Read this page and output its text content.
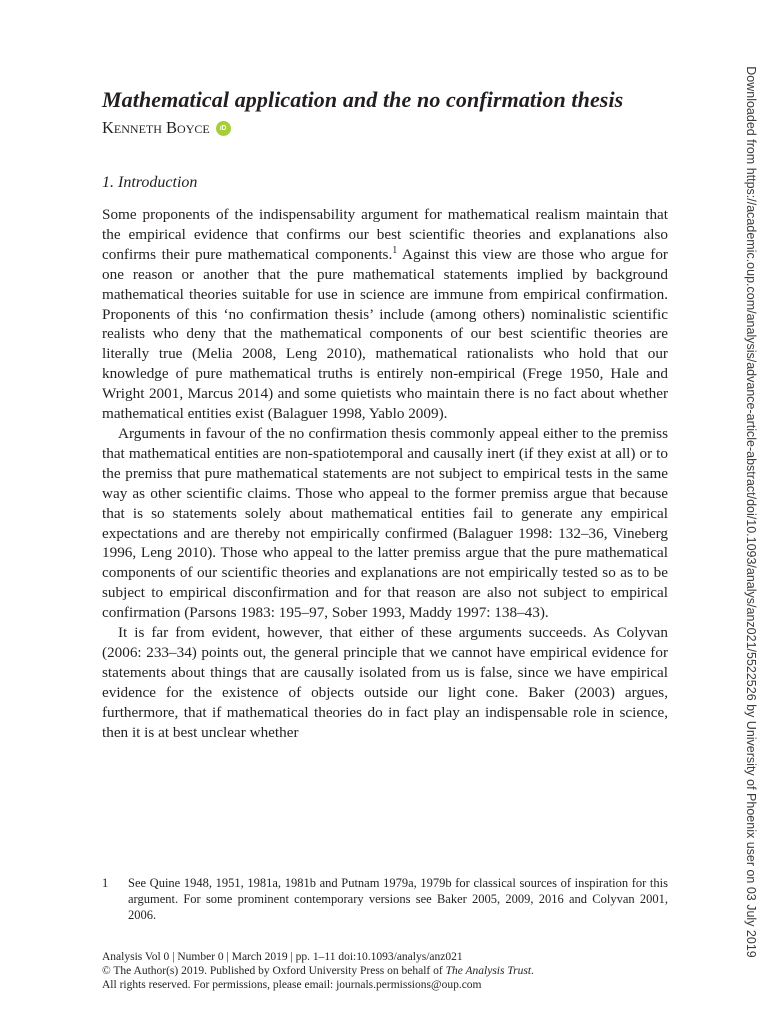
Mathematical application and the no confirmation thesis
Kenneth Boyce	iD
1. Introduction

Some proponents of the indispensability argument for mathematical realism maintain that the empirical evidence that confirms our best scientific theories and explanations also confirms their pure mathematical components.$^1$ Against this view are those who argue for one reason or another that the pure mathematical statements implied by background mathematical theories suitable for use in science are immune from empirical confirmation. Proponents of this ‘no confirmation thesis’ include (among others) nominalistic scientific realists who deny that the mathematical components of our best scientific theories are literally true (Melia 2008, Leng 2010), mathematical rationalists who hold that our knowledge of pure mathematical truths is entirely non-empirical (Frege 1950, Hale and Wright 2001, Marcus 2014) and some quietists who maintain there is no fact about whether mathematical entities exist (Balaguer 1998, Yablo 2009).

Arguments in favour of the no confirmation thesis commonly appeal either to the premiss that mathematical entities are non-spatiotemporal and causally inert (if they exist at all) or to the premiss that pure mathematical statements are not subject to empirical tests in the same way as other scientific claims. Those who appeal to the former premiss argue that because that is so statements solely about mathematical entities fail to generate any empirical expectations and are thereby not empirically confirmed (Balaguer 1998: 132–36, Vineberg 1996, Leng 2010). Those who appeal to the latter premiss argue that the pure mathematical components of our scientific theories and explanations are not empirically tested so as to be subject to empirical disconfirmation and for that reason are also not subject to empirical confirmation (Parsons 1983: 195–97, Sober 1993, Maddy 1997: 138–43).

It is far from evident, however, that either of these arguments succeeds. As Colyvan (2006: 233–34) points out, the general principle that we cannot have empirical evidence for statements about things that are causally isolated from us is false, since we have empirical evidence for the existence of objects outside our light cone. Baker (2003) argues, furthermore, that if mathematical theories do in fact play an indispensable role in science, then it is at best unclear whether

1	See Quine 1948, 1951, 1981a, 1981b and Putnam 1979a, 1979b for classical sources of inspiration for this argument. For some prominent contemporary versions see Baker 2005, 2009, 2016 and Colyvan 2001, 2006.
Analysis Vol 0 | Number 0 | March 2019 | pp. 1–11 doi:10.1093/analys/anz021
© The Author(s) 2019. Published by Oxford University Press on behalf of The Analysis Trust.
All rights reserved. For permissions, please email: journals.permissions@oup.com
Downloaded from https://academic.oup.com/analysis/advance-article-abstract/doi/10.1093/analys/anz021/5522526 by University of Phoenix user on 03 July 2019
